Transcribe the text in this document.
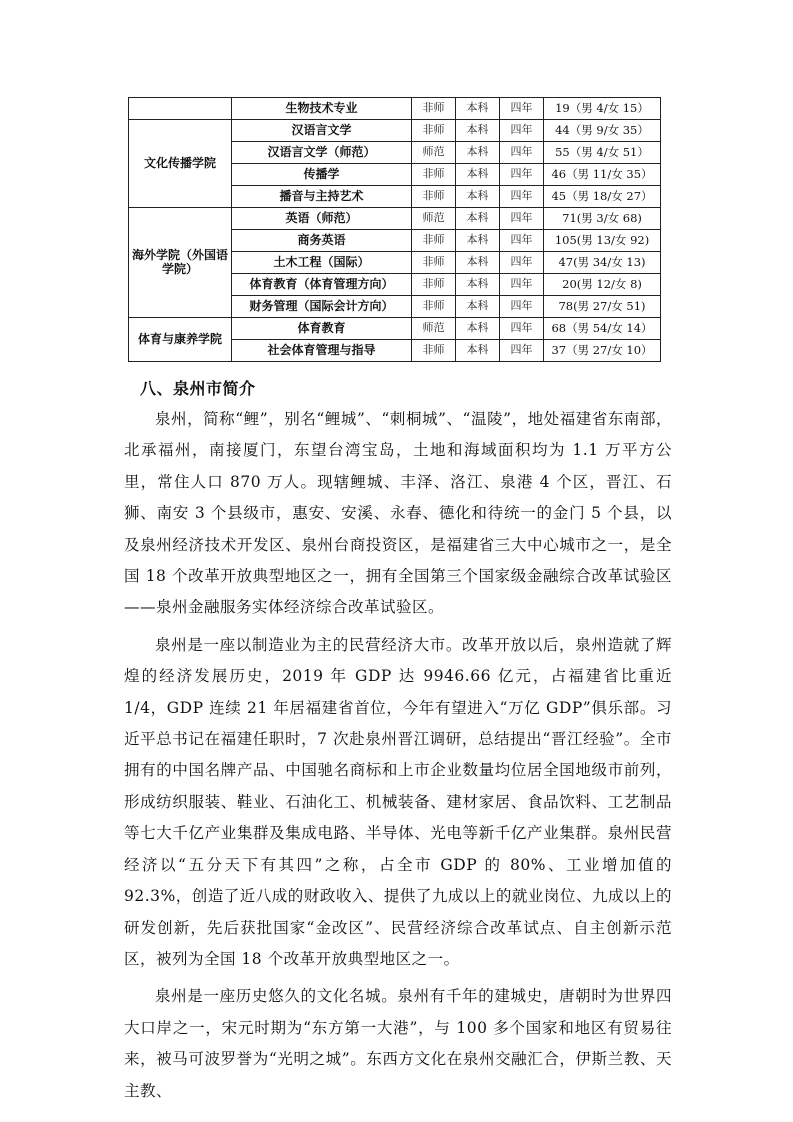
	生物技术专业	非师	本科	四年	19（男 4/女 15）
文化传播学院	汉语言文学	非师	本科	四年	44（男 9/女 35）
	汉语言文学（师范）	师范	本科	四年	55（男 4/女 51）
	传播学	非师	本科	四年	46（男 11/女 35）
	播音与主持艺术	非师	本科	四年	45（男 18/女 27）
海外学院（外国语学院）	英语（师范）	师范	本科	四年	71(男 3/女 68)
	商务英语	非师	本科	四年	105(男 13/女 92)
	土木工程（国际）	非师	本科	四年	47(男 34/女 13)
	体育教育（体育管理方向）	非师	本科	四年	20(男 12/女 8)
	财务管理（国际会计方向）	非师	本科	四年	78(男 27/女 51)
体育与康养学院	体育教育	师范	本科	四年	68（男 54/女 14）
	社会体育管理与指导	非师	本科	四年	37（男 27/女 10）
八、泉州市简介

泉州，简称“鲤”，别名“鲤城”、“刺桐城”、“温陵”，地处福建省东南部，北承福州，南接厦门，东望台湾宝岛，土地和海域面积均为 1.1 万平方公里，常住人口 870 万人。现辖鲤城、丰泽、洛江、泉港 4 个区，晋江、石狮、南安 3 个县级市，惠安、安溪、永春、德化和待统一的金门 5 个县，以及泉州经济技术开发区、泉州台商投资区，是福建省三大中心城市之一，是全国 18 个改革开放典型地区之一，拥有全国第三个国家级金融综合改革试验区——泉州金融服务实体经济综合改革试验区。

泉州是一座以制造业为主的民营经济大市。改革开放以后，泉州造就了辉煌的经济发展历史，2019 年 GDP 达 9946.66 亿元，占福建省比重近 1/4，GDP 连续 21 年居福建省首位，今年有望进入“万亿 GDP”俱乐部。习近平总书记在福建任职时，7 次赴泉州晋江调研，总结提出“晋江经验”。全市拥有的中国名牌产品、中国驰名商标和上市企业数量均位居全国地级市前列，形成纺织服装、鞋业、石油化工、机械装备、建材家居、食品饮料、工艺制品等七大千亿产业集群及集成电路、半导体、光电等新千亿产业集群。泉州民营经济以“五分天下有其四”之称，占全市 GDP 的 80%、工业增加值的 92.3%，创造了近八成的财政收入、提供了九成以上的就业岗位、九成以上的研发创新，先后获批国家“金改区”、民营经济综合改革试点、自主创新示范区，被列为全国 18 个改革开放典型地区之一。

泉州是一座历史悠久的文化名城。泉州有千年的建城史，唐朝时为世界四大口岸之一，宋元时期为“东方第一大港”，与 100 多个国家和地区有贸易往来，被马可波罗誉为“光明之城”。东西方文化在泉州交融汇合，伊斯兰教、天主教、
